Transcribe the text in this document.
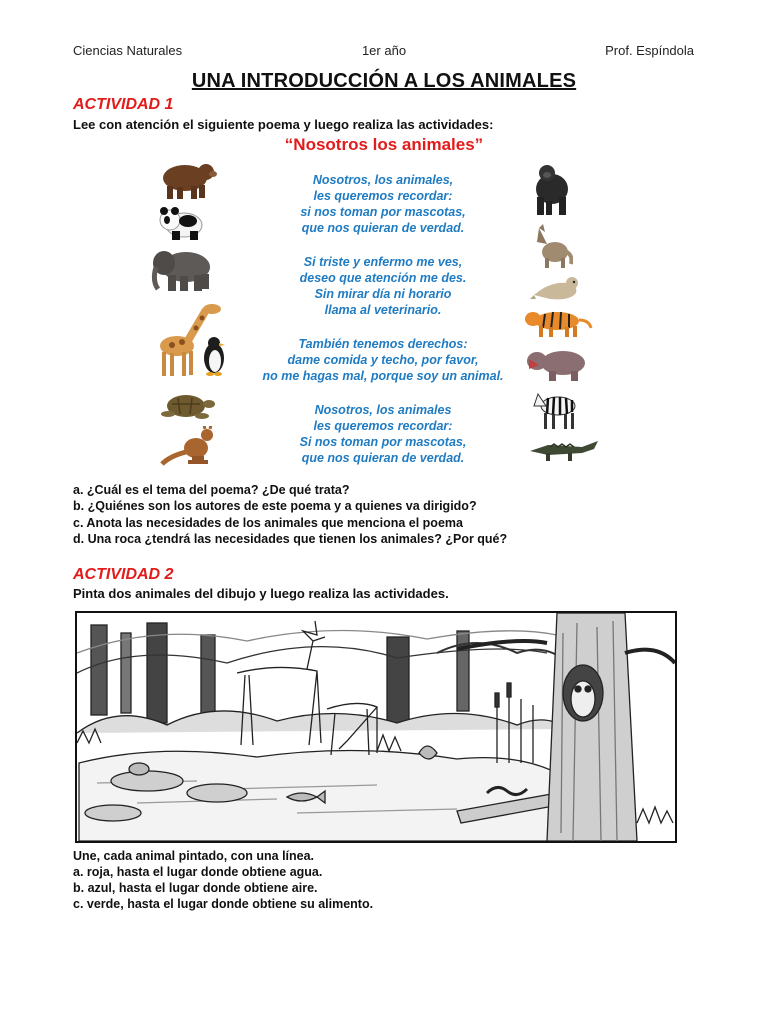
Ciencias Naturales	1er año	Prof. Espíndola
UNA INTRODUCCIÓN A LOS ANIMALES
ACTIVIDAD 1
Lee con atención el siguiente poema y luego realiza las actividades:
“Nosotros los animales”
Nosotros, los animales,
les queremos recordar:
si nos toman por mascotas,
que nos quieran de verdad.
Si triste y enfermo me ves,
deseo que atención me des.
Sin mirar día ni horario
llama al veterinario.
También tenemos derechos:
dame comida y techo, por favor,
no me hagas mal, porque soy un animal.
Nosotros, los animales
les queremos recordar:
Si nos toman por mascotas,
que nos quieran de verdad.
a. ¿Cuál es el tema del poema? ¿De qué trata?
b. ¿Quiénes son los autores de este poema y a quienes va dirigido?
c. Anota las necesidades de los animales que menciona el poema
d. Una roca ¿tendrá las necesidades que tienen los animales? ¿Por qué?
ACTIVIDAD 2
Pinta dos animales del dibujo y luego realiza las actividades.
Une, cada animal pintado, con una línea.
a. roja, hasta el lugar donde obtiene agua.
b. azul, hasta el lugar donde obtiene aire.
c. verde, hasta el lugar donde obtiene su alimento.
